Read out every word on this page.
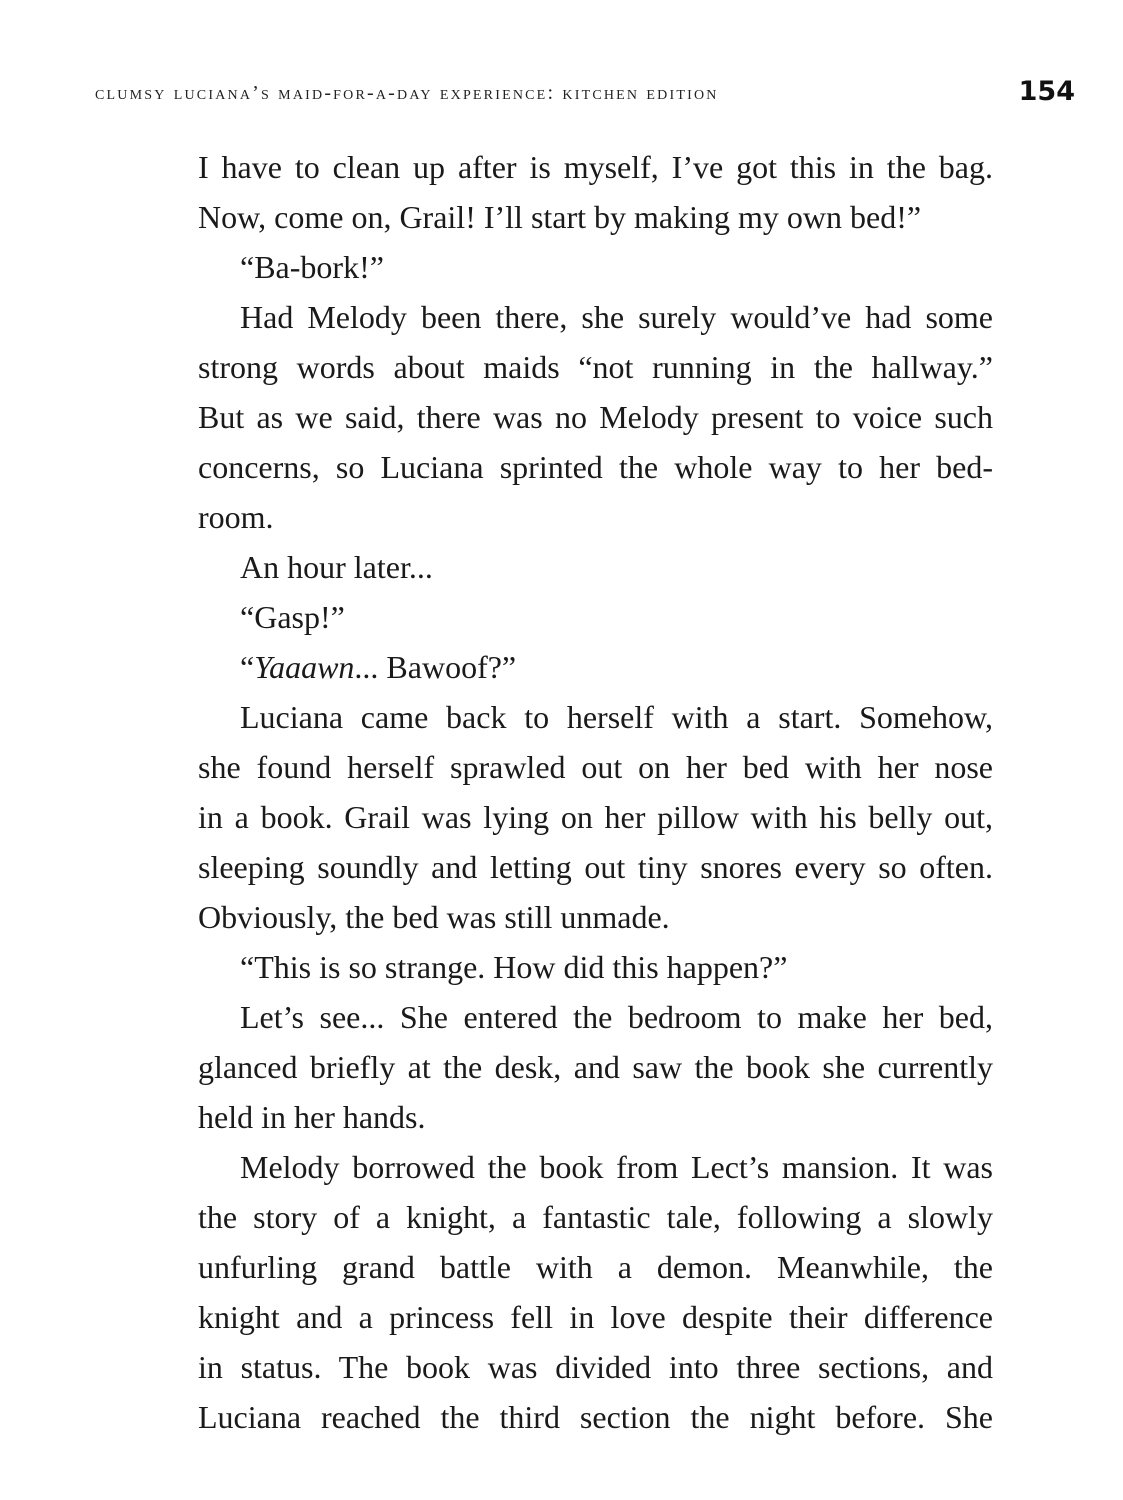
clumsy luciana’s maid-for-a-day experience: kitchen edition	154
I have to clean up after is myself, I’ve got this in the bag.
Now, come on, Grail! I’ll start by making my own bed!”
“Ba-bork!”
Had Melody been there, she surely would’ve had some
strong words about maids “not running in the hallway.”
But as we said, there was no Melody present to voice such
concerns, so Luciana sprinted the whole way to her bed-
room.
An hour later...
“Gasp!”
“Yaaawn... Bawoof?”
Luciana came back to herself with a start. Somehow,
she found herself sprawled out on her bed with her nose
in a book. Grail was lying on her pillow with his belly out,
sleeping soundly and letting out tiny snores every so often.
Obviously, the bed was still unmade.
“This is so strange. How did this happen?”
Let’s see... She entered the bedroom to make her bed,
glanced briefly at the desk, and saw the book she currently
held in her hands.
Melody borrowed the book from Lect’s mansion. It was
the story of a knight, a fantastic tale, following a slowly
unfurling grand battle with a demon. Meanwhile, the
knight and a princess fell in love despite their difference
in status. The book was divided into three sections, and
Luciana reached the third section the night before. She
